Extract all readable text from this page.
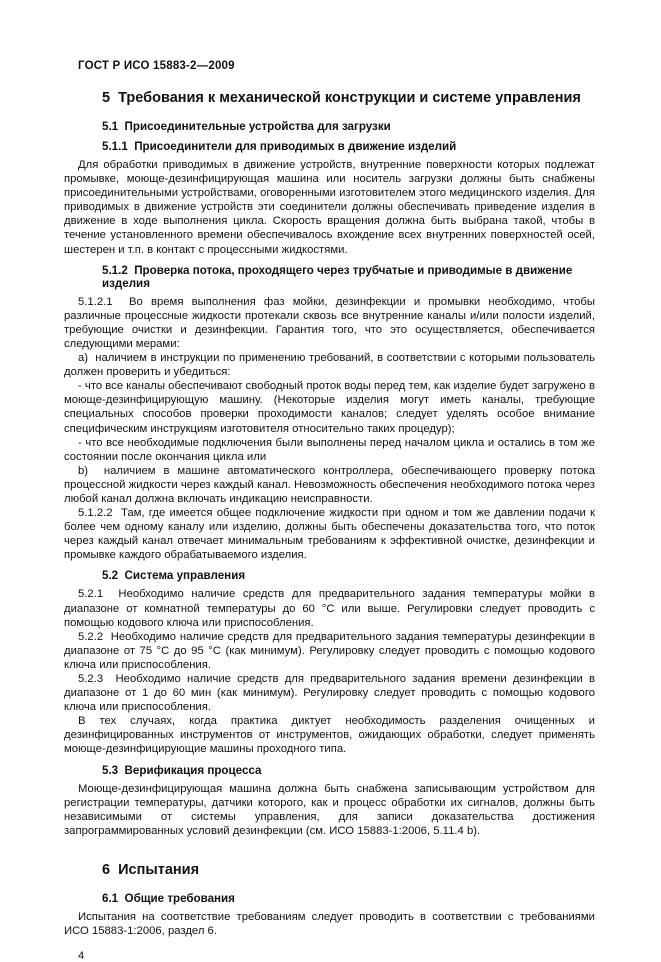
ГОСТ Р ИСО 15883-2—2009
5  Требования к механической конструкции и системе управления
5.1  Присоединительные устройства для загрузки
5.1.1  Присоединители для приводимых в движение изделий

Для обработки приводимых в движение устройств, внутренние поверхности которых подлежат промывке, моюще-дезинфицирующая машина или носитель загрузки должны быть снабжены присоединительными устройствами, оговоренными изготовителем этого медицинского изделия. Для приводимых в движение устройств эти соединители должны обеспечивать приведение изделия в движение в ходе выполнения цикла. Скорость вращения должна быть выбрана такой, чтобы в течение установленного времени обеспечивалось вхождение всех внутренних поверхностей осей, шестерен и т.п. в контакт с процессными жидкостями.

5.1.2  Проверка потока, проходящего через трубчатые и приводимые в движение изделия

5.1.2.1  Во время выполнения фаз мойки, дезинфекции и промывки необходимо, чтобы различные процессные жидкости протекали сквозь все внутренние каналы и/или полости изделий, требующие очистки и дезинфекции. Гарантия того, что это осуществляется, обеспечивается следующими мерами:

a)  наличием в инструкции по применению требований, в соответствии с которыми пользователь должен проверить и убедиться:

- что все каналы обеспечивают свободный проток воды перед тем, как изделие будет загружено в моюще-дезинфицирующую машину. (Некоторые изделия могут иметь каналы, требующие специальных способов проверки проходимости каналов; следует уделять особое внимание специфическим инструкциям изготовителя относительно таких процедур);

- что все необходимые подключения были выполнены перед началом цикла и остались в том же состоянии после окончания цикла или

b)  наличием в машине автоматического контроллера, обеспечивающего проверку потока процессной жидкости через каждый канал. Невозможность обеспечения необходимого потока через любой канал должна включать индикацию неисправности.

5.1.2.2  Там, где имеется общее подключение жидкости при одном и том же давлении подачи к более чем одному каналу или изделию, должны быть обеспечены доказательства того, что поток через каждый канал отвечает минимальным требованиям к эффективной очистке, дезинфекции и промывке каждого обрабатываемого изделия.

5.2  Система управления

5.2.1  Необходимо наличие средств для предварительного задания температуры мойки в диапазоне от комнатной температуры до 60 °С или выше. Регулировки следует проводить с помощью кодового ключа или приспособления.

5.2.2  Необходимо наличие средств для предварительного задания температуры дезинфекции в диапазоне от 75 °С до 95 °С (как минимум). Регулировку следует проводить с помощью кодового ключа или приспособления.

5.2.3  Необходимо наличие средств для предварительного задания времени дезинфекции в диапазоне от 1 до 60 мин (как минимум). Регулировку следует проводить с помощью кодового ключа или приспособления.

В тех случаях, когда практика диктует необходимость разделения очищенных и дезинфицированных инструментов от инструментов, ожидающих обработки, следует применять моюще-дезинфицирующие машины проходного типа.

5.3  Верификация процесса

Моюще-дезинфицирующая машина должна быть снабжена записывающим устройством для регистрации температуры, датчики которого, как и процесс обработки их сигналов, должны быть независимыми от системы управления, для записи доказательства достижения запрограммированных условий дезинфекции (см. ИСО 15883-1:2006, 5.11.4 b).

6  Испытания
6.1  Общие требования

Испытания на соответствие требованиям следует проводить в соответствии с требованиями ИСО 15883-1:2006, раздел 6.

4
